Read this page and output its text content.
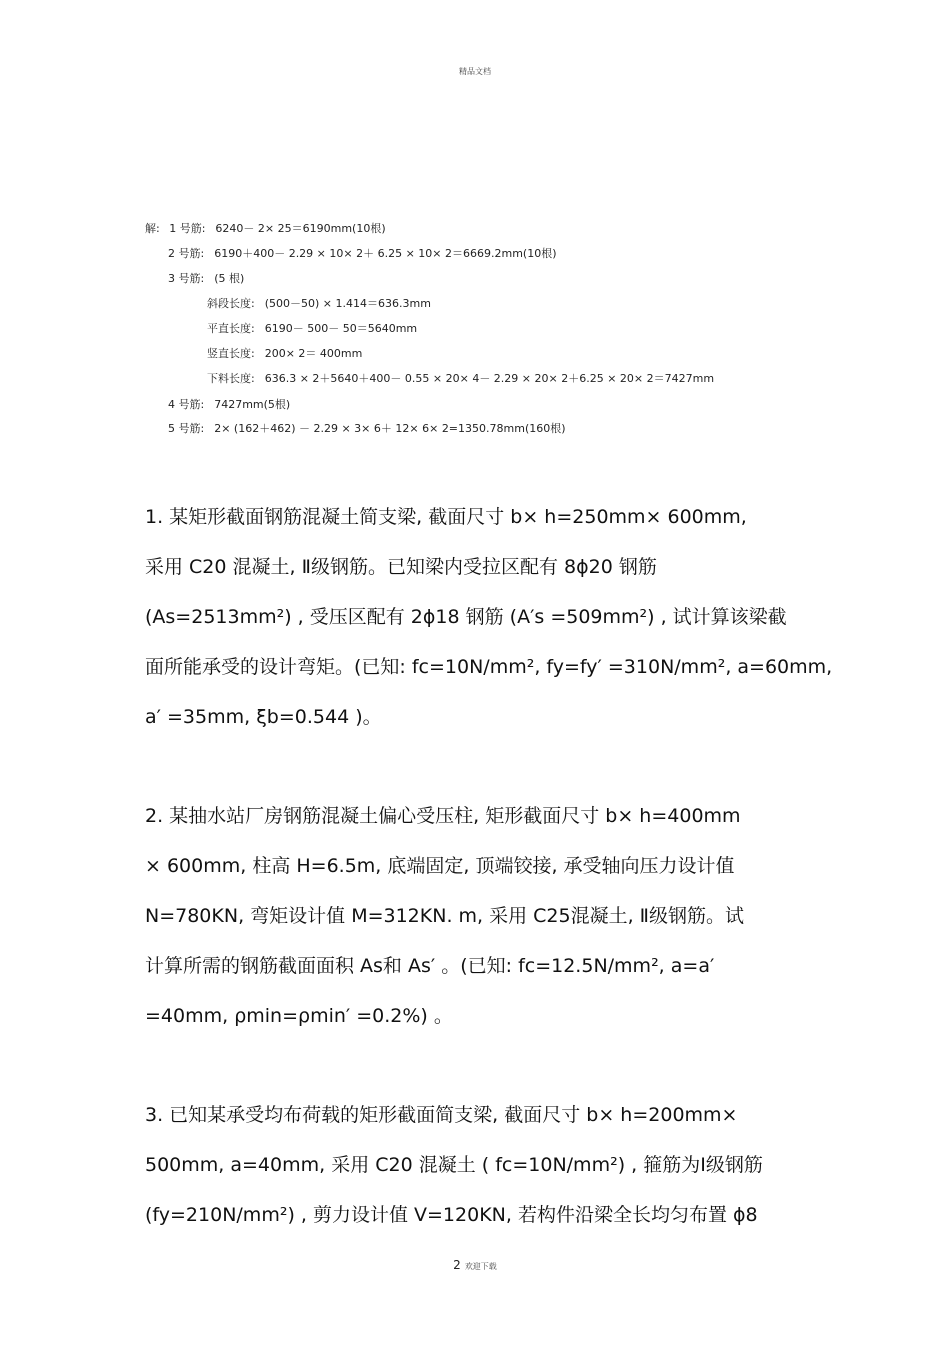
精品文档
解: 1 号筋: 6240－ 2× 25＝6190mm(10根)
2 号筋: 6190＋400－ 2.29 × 10× 2＋ 6.25 × 10× 2＝6669.2mm(10根)
3 号筋: (5 根)
斜段长度: (500－50) × 1.414＝636.3mm
平直长度: 6190－ 500－ 50＝5640mm
竖直长度: 200× 2＝ 400mm
下料长度: 636.3 × 2＋5640＋400－ 0.55 × 20× 4－ 2.29 × 20× 2＋6.25 × 20× 2＝7427mm
4 号筋: 7427mm(5根)
5 号筋: 2× (162＋462) － 2.29 × 3× 6＋ 12× 6× 2=1350.78mm(160根)
1. 某矩形截面钢筋混凝土简支梁, 截面尺寸 b× h=250mm× 600mm,
采用 C20 混凝土, Ⅱ级钢筋。已知梁内受拉区配有 8ϕ20 钢筋
(As=2513mm²) , 受压区配有 2ϕ18 钢筋 (A′s =509mm²) , 试计算该梁截
面所能承受的设计弯矩。(已知: fc=10N/mm², fy=fy′ =310N/mm², a=60mm,
a′ =35mm, ξb=0.544 )。
2. 某抽水站厂房钢筋混凝土偏心受压柱, 矩形截面尺寸 b× h=400mm
× 600mm, 柱高 H=6.5m, 底端固定, 顶端铰接, 承受轴向压力设计值
N=780KN, 弯矩设计值 M=312KN. m, 采用 C25混凝土, Ⅱ级钢筋。试
计算所需的钢筋截面面积 As和 As′ 。(已知: fc=12.5N/mm², a=a′
=40mm, ρmin=ρmin′ =0.2%) 。
3. 已知某承受均布荷载的矩形截面简支梁, 截面尺寸 b× h=200mm×
500mm, a=40mm, 采用 C20 混凝土 ( fc=10N/mm²) , 箍筋为Ⅰ级钢筋
(fy=210N/mm²) , 剪力设计值 V=120KN, 若构件沿梁全长均匀布置 ϕ8
2 欢迎下载
